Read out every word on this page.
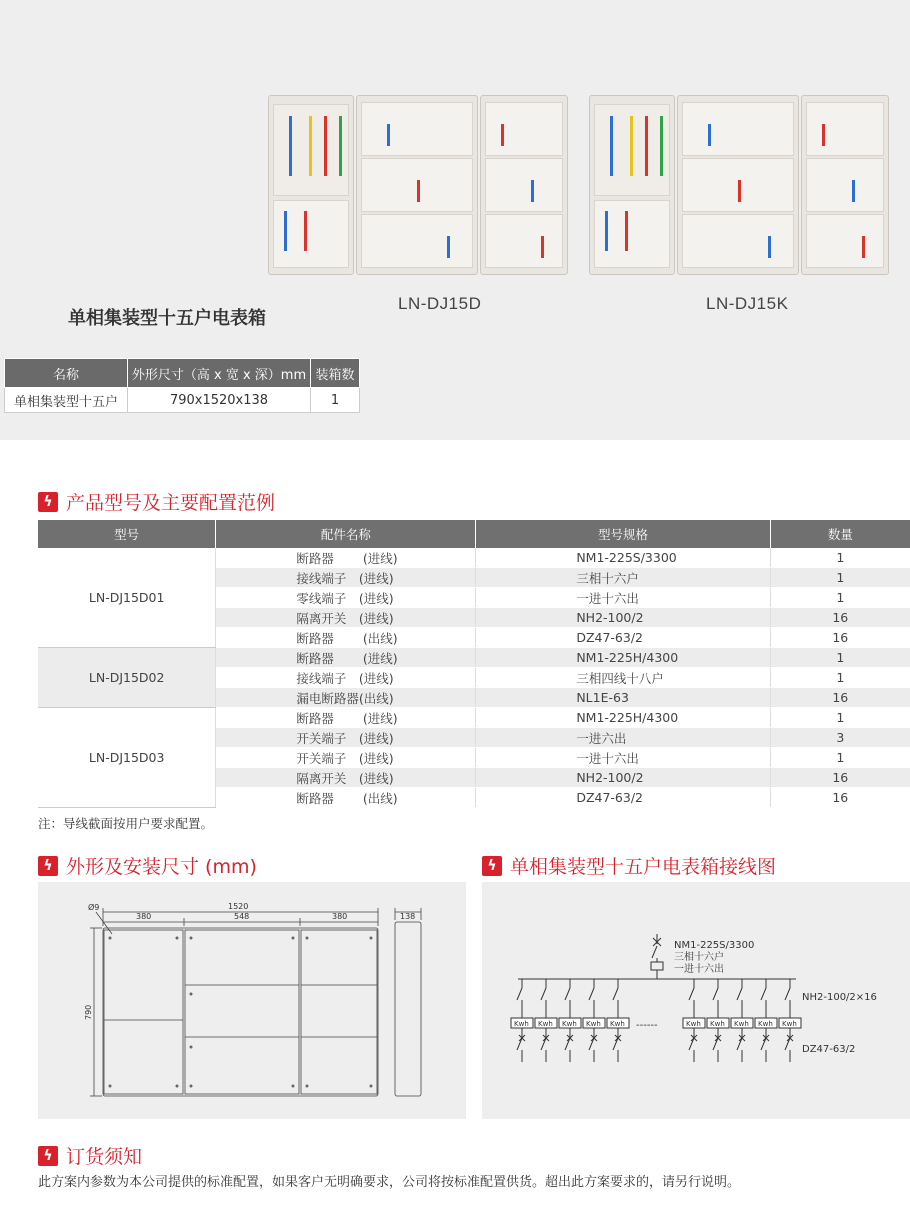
LN-DJ15D	LN-DJ15K
单相集装型十五户电表箱
名称	外形尺寸（高 x 宽 x 深）mm	装箱数
单相集装型十五户	790x1520x138	1
ϟ 产品型号及主要配置范例
型号	配件名称	型号规格	数量
LN-DJ15D01	断路器　　 (进线)	NM1-225S/3300	1
	接线端子　(进线)	三相十六户	1
	零线端子　(进线)	一进十六出	1
	隔离开关　(进线)	NH2-100/2	16
	断路器　　 (出线)	DZ47-63/2	16
LN-DJ15D02	断路器　　 (进线)	NM1-225H/4300	1
	接线端子　(进线)	三相四线十八户	1
	漏电断路器(出线)	NL1E-63	16
LN-DJ15D03	断路器　　 (进线)	NM1-225H/4300	1
	开关端子　(进线)	一进六出	3
	开关端子　(进线)	一进十六出	1
	隔离开关　(进线)	NH2-100/2	16
	断路器　　 (出线)	DZ47-63/2	16
注：导线截面按用户要求配置。
ϟ 外形及安装尺寸 (mm)
1520
380	548	380	138
Ø9
790
ϟ 单相集装型十五户电表箱接线图
NM1-225S/3300
三相十六户
一进十六出
NH2-100/2×16
DZ47-63/2
------
Kwh Kwh Kwh Kwh Kwh	Kwh Kwh Kwh Kwh Kwh
ϟ 订货须知
此方案内参数为本公司提供的标准配置，如果客户无明确要求，公司将按标准配置供货。超出此方案要求的，请另行说明。
